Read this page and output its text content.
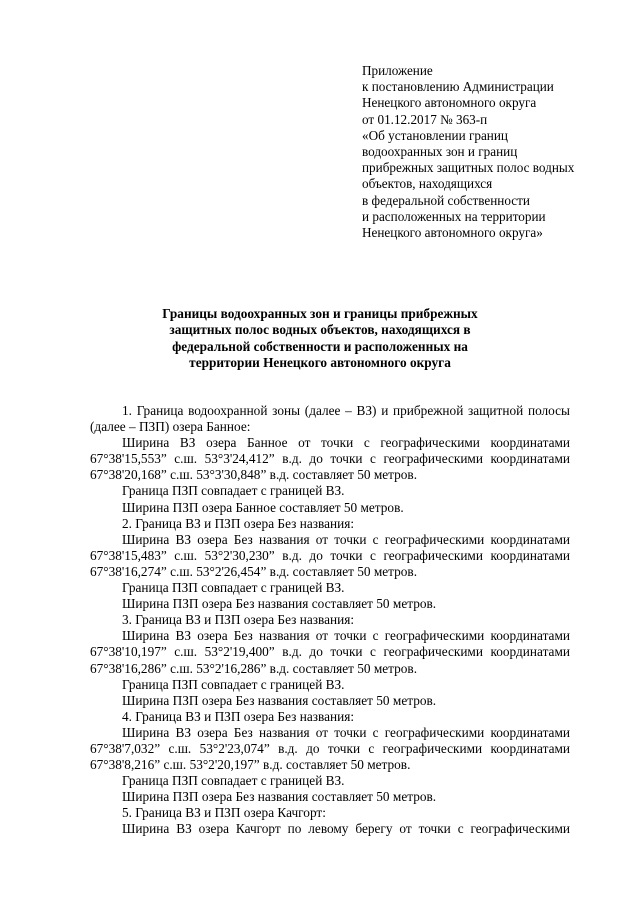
Приложение
к постановлению Администрации
Ненецкого автономного округа
от 01.12.2017 № 363-п
«Об установлении границ
водоохранных зон и границ
прибрежных защитных полос водных
объектов, находящихся
в федеральной собственности
и расположенных на территории
Ненецкого автономного округа»
Границы водоохранных зон и границы прибрежных
защитных полос водных объектов, находящихся в
федеральной собственности и расположенных на
территории Ненецкого автономного округа
1. Граница водоохранной зоны (далее – ВЗ) и прибрежной защитной полосы
(далее – ПЗП) озера Банное:
Ширина ВЗ озера Банное от точки с географическими координатами
67°38'15,553” с.ш. 53°3'24,412” в.д. до точки с географическими координатами
67°38'20,168” с.ш. 53°3'30,848” в.д. составляет 50 метров.
Граница ПЗП совпадает с границей ВЗ.
Ширина ПЗП озера Банное составляет 50 метров.
2. Граница ВЗ и ПЗП озера Без названия:
Ширина ВЗ озера Без названия от точки с географическими координатами
67°38'15,483” с.ш. 53°2'30,230” в.д. до точки с географическими координатами
67°38'16,274” с.ш. 53°2'26,454” в.д. составляет 50 метров.
Граница ПЗП совпадает с границей ВЗ.
Ширина ПЗП озера Без названия составляет 50 метров.
3. Граница ВЗ и ПЗП озера Без названия:
Ширина ВЗ озера Без названия от точки с географическими координатами
67°38'10,197” с.ш. 53°2'19,400” в.д. до точки с географическими координатами
67°38'16,286” с.ш. 53°2'16,286” в.д. составляет 50 метров.
Граница ПЗП совпадает с границей ВЗ.
Ширина ПЗП озера Без названия составляет 50 метров.
4. Граница ВЗ и ПЗП озера Без названия:
Ширина ВЗ озера Без названия от точки с географическими координатами
67°38'7,032” с.ш. 53°2'23,074” в.д. до точки с географическими координатами
67°38'8,216” с.ш. 53°2'20,197” в.д. составляет 50 метров.
Граница ПЗП совпадает с границей ВЗ.
Ширина ПЗП озера Без названия составляет 50 метров.
5. Граница ВЗ и ПЗП озера Качгорт:
Ширина ВЗ озера Качгорт по левому берегу от точки с географическими
